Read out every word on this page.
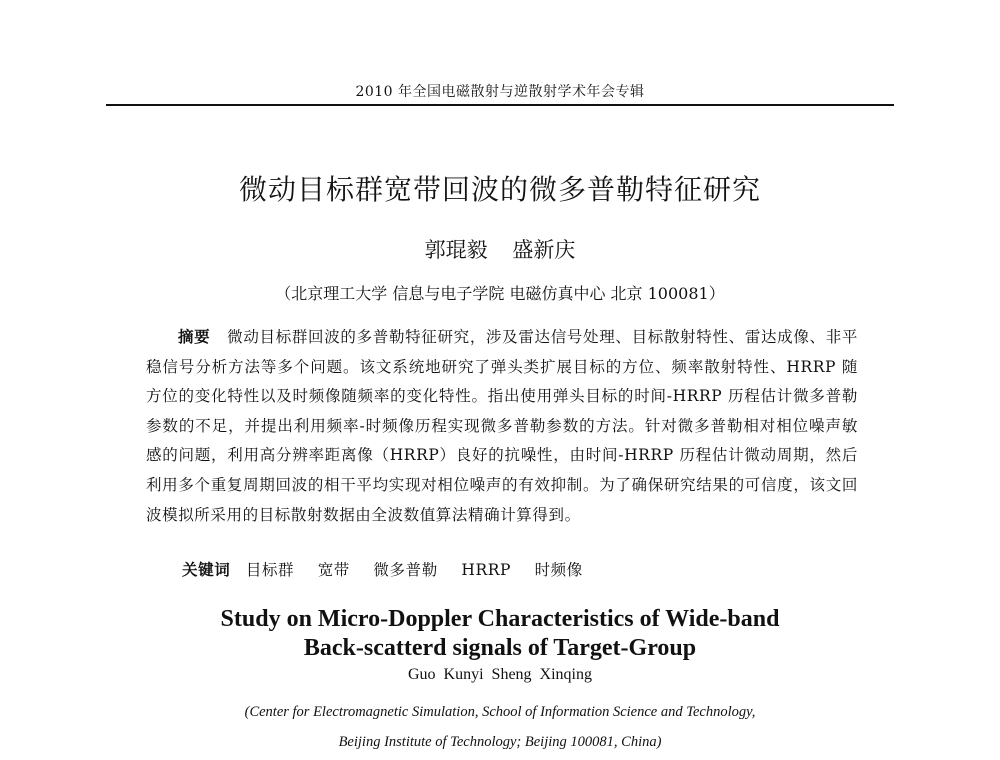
2010 年全国电磁散射与逆散射学术年会专辑
微动目标群宽带回波的微多普勒特征研究
郭琨毅 盛新庆
（北京理工大学 信息与电子学院 电磁仿真中心 北京 100081）
摘要 微动目标群回波的多普勒特征研究，涉及雷达信号处理、目标散射特性、雷达成像、非平稳信号分析方法等多个问题。该文系统地研究了弹头类扩展目标的方位、频率散射特性、HRRP 随方位的变化特性以及时频像随频率的变化特性。指出使用弹头目标的时间-HRRP 历程估计微多普勒参数的不足，并提出利用频率-时频像历程实现微多普勒参数的方法。针对微多普勒相对相位噪声敏感的问题，利用高分辨率距离像（HRRP）良好的抗噪性，由时间-HRRP 历程估计微动周期，然后利用多个重复周期回波的相干平均实现对相位噪声的有效抑制。为了确保研究结果的可信度，该文回波模拟所采用的目标散射数据由全波数值算法精确计算得到。
关键词 目标群 宽带 微多普勒 HRRP 时频像
Study on Micro-Doppler Characteristics of Wide-band
Back-scatterd signals of Target-Group
Guo Kunyi Sheng Xinqing
(Center for Electromagnetic Simulation, School of Information Science and Technology,
Beijing Institute of Technology; Beijing 100081, China)
